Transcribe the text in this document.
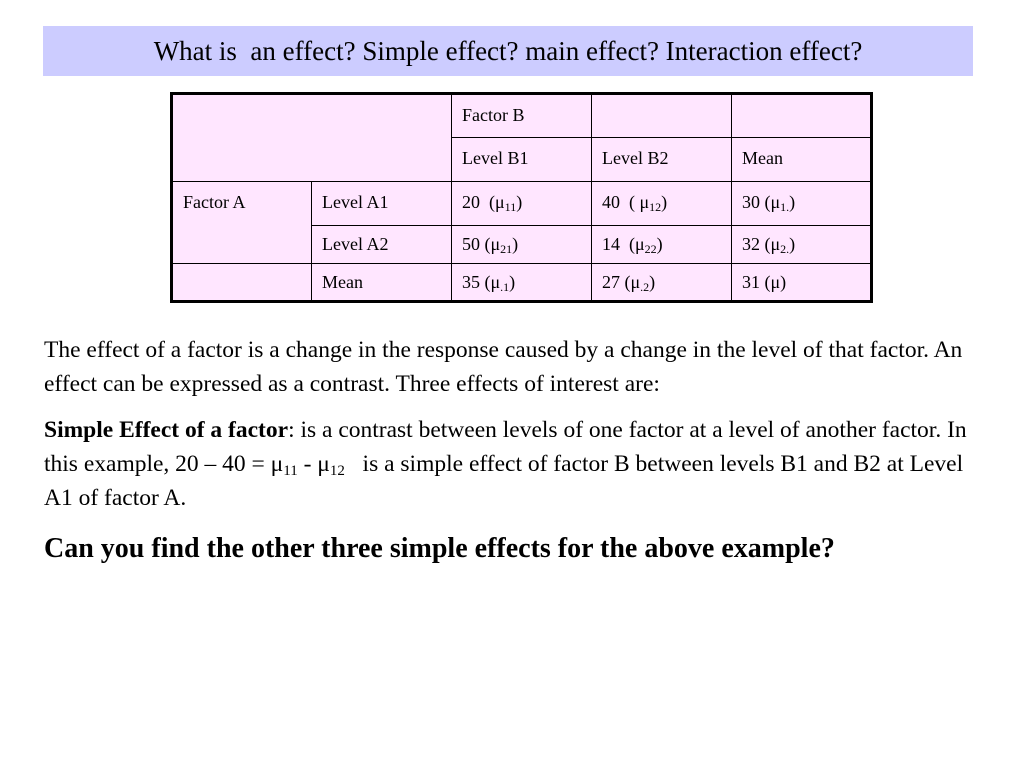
What is  an effect? Simple effect? main effect? Interaction effect?
		Factor B		
		Level B1	Level B2	Mean
Factor A	Level A1	20  $(\mu_{11})$	40  ( $\mu_{12}$)	30 $(\mu_{1.})$
	Level A2	50 $(\mu_{21})$	14  $(\mu_{22})$	32 $(\mu_{2.})$
	Mean	35 $(\mu_{.1})$	27 $(\mu_{.2})$	31 (μ)

The effect of a factor is a change in the response caused by a change in the level of that factor. An effect can be expressed as a contrast. Three effects of interest are:

Simple Effect of a factor: is a contrast between levels of one factor at a level of another factor. In this example, 20 – 40 = μ11 - μ12   is a simple effect of factor B between levels B1 and B2 at Level A1 of factor A.

Can you find the other three simple effects for the above example?
